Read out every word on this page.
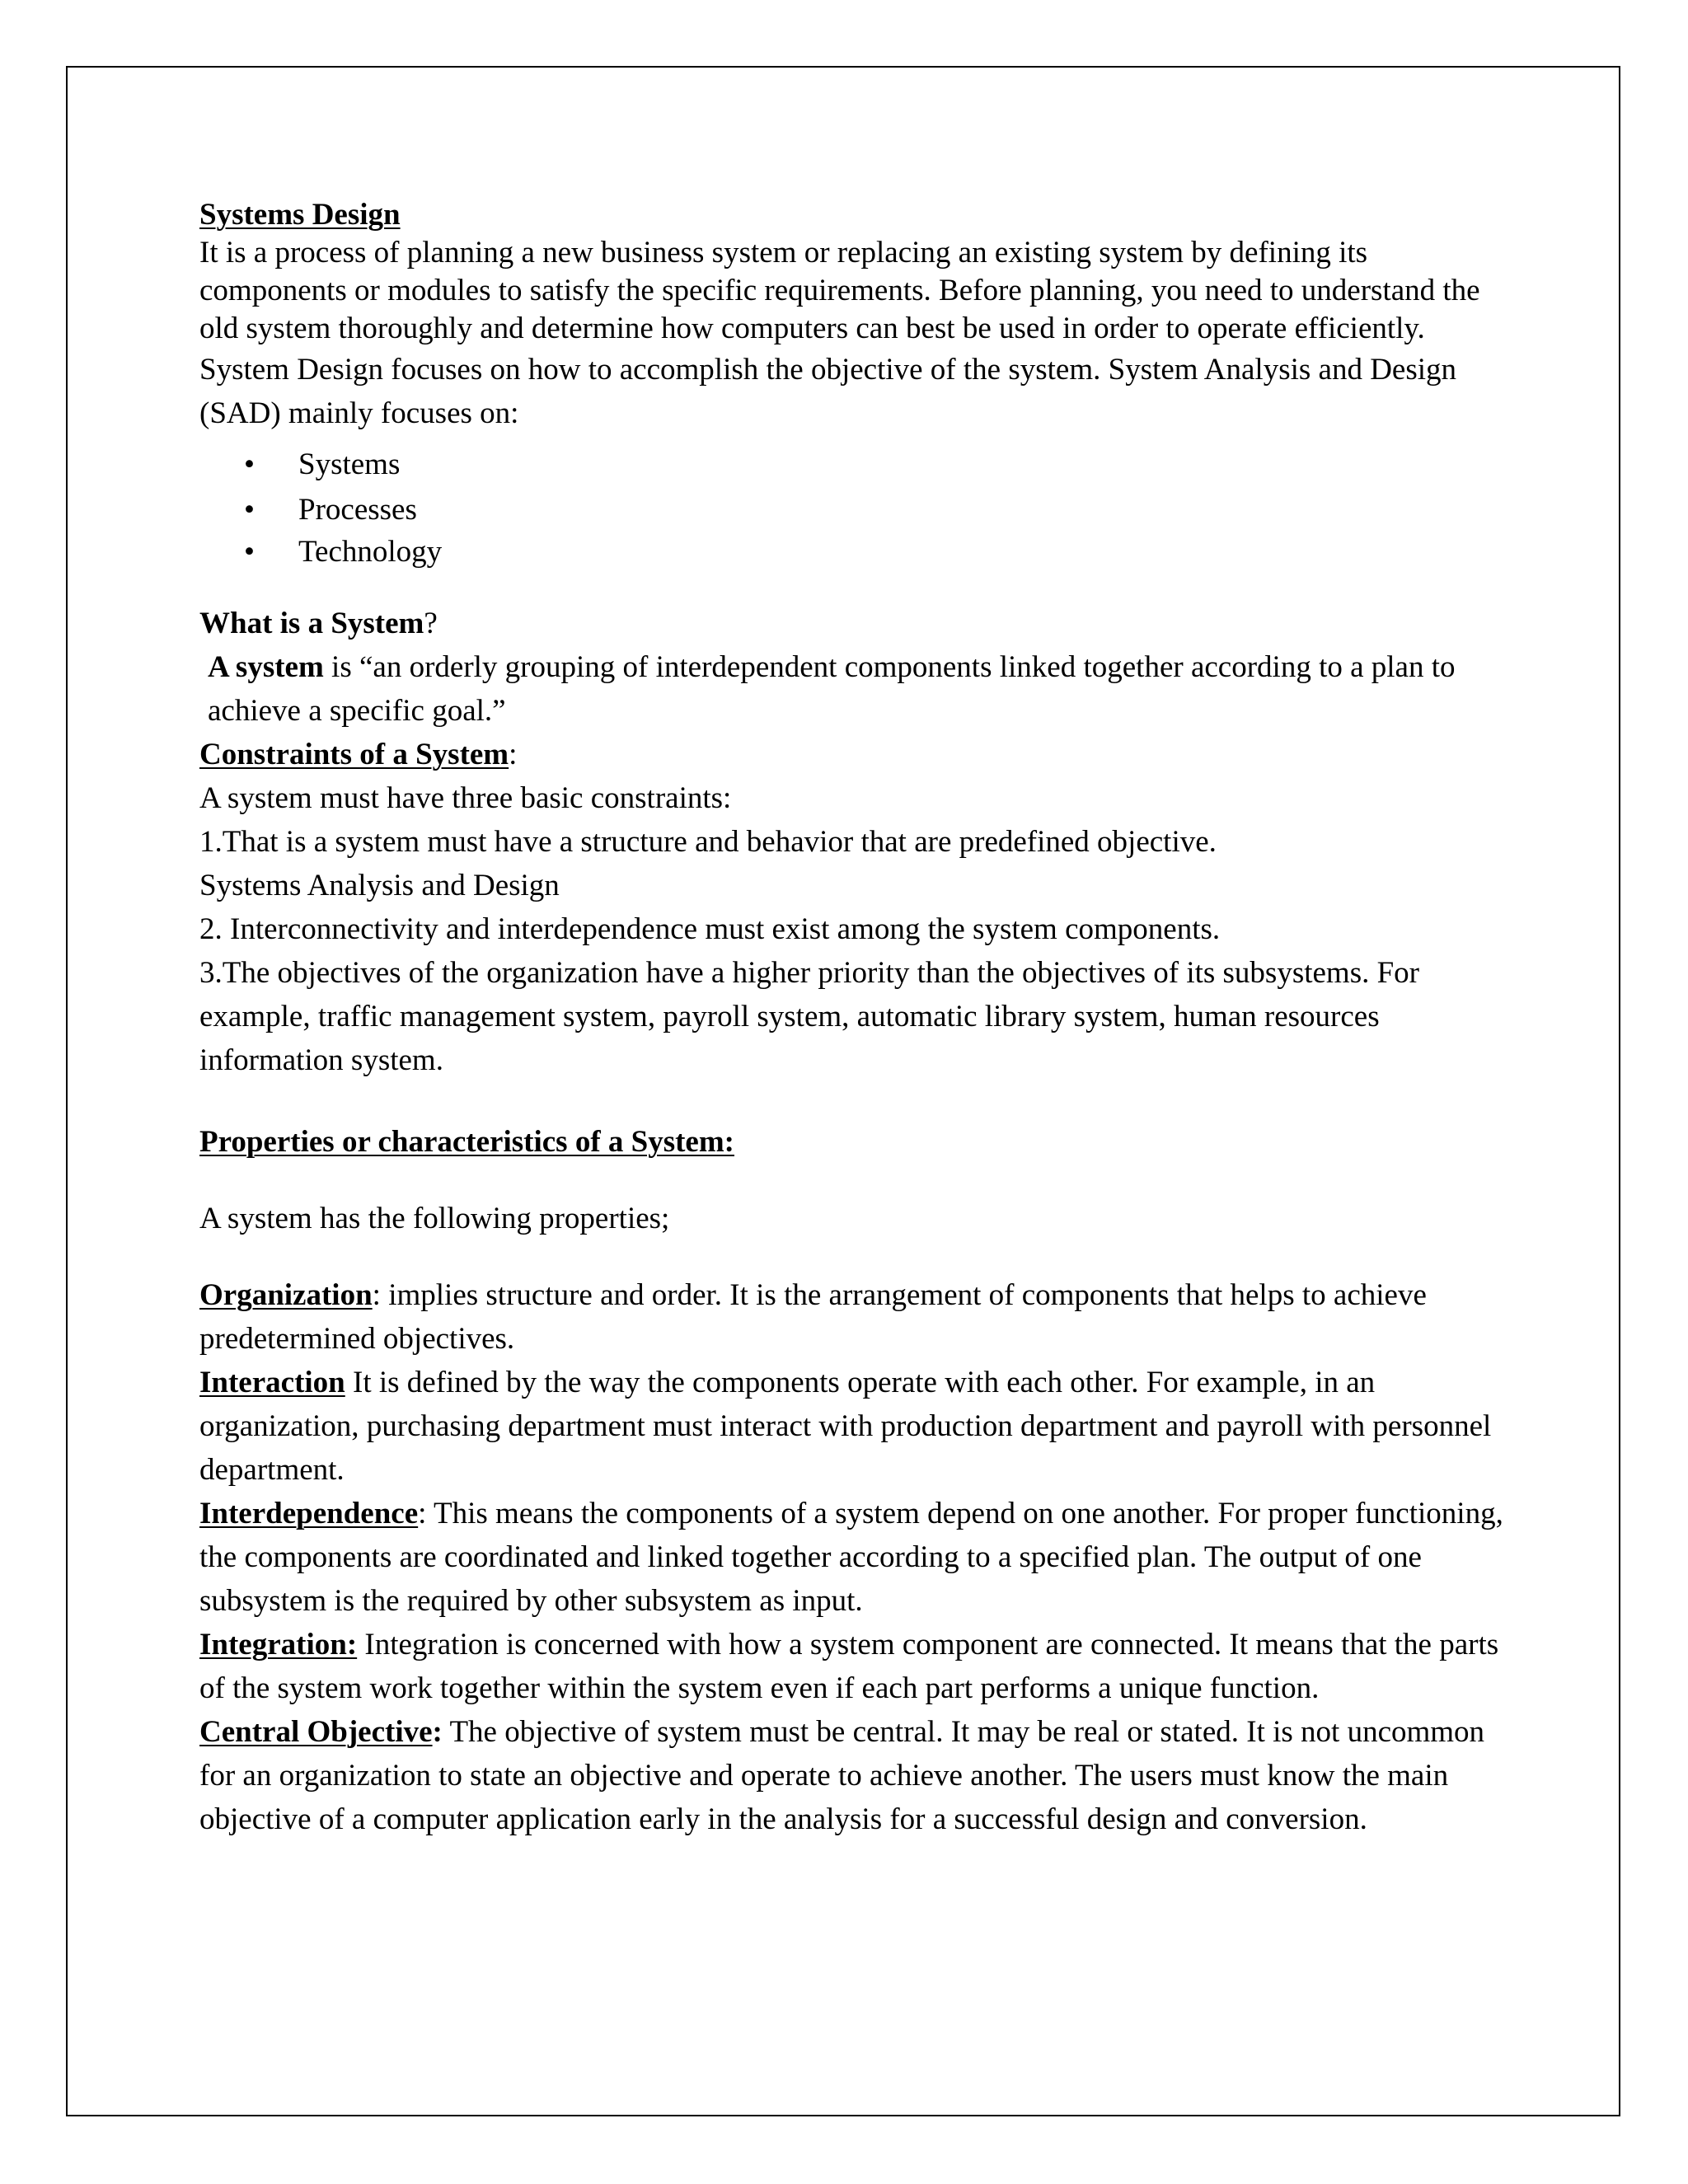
Systems Design

It is a process of planning a new business system or replacing an existing system by defining its components or modules to satisfy the specific requirements. Before planning, you need to understand the old system thoroughly and determine how computers can best be used in order to operate efficiently.

System Design focuses on how to accomplish the objective of the system. System Analysis and Design (SAD) mainly focuses on:

• Systems
• Processes
• Technology

What is a System?

A system is “an orderly grouping of interdependent components linked together according to a plan to achieve a specific goal.”

Constraints of a System:

A system must have three basic constraints:

1.That is a system must have a structure and behavior that are predefined objective.

Systems Analysis and Design

2. Interconnectivity and interdependence must exist among the system components.

3.The objectives of the organization have a higher priority than the objectives of its subsystems. For example, traffic management system, payroll system, automatic library system, human resources information system.

Properties or characteristics of a System:

A system has the following properties;

Organization: implies structure and order. It is the arrangement of components that helps to achieve predetermined objectives.

Interaction It is defined by the way the components operate with each other. For example, in an organization, purchasing department must interact with production department and payroll with personnel department.

Interdependence: This means the components of a system depend on one another. For proper functioning, the components are coordinated and linked together according to a specified plan. The output of one subsystem is the required by other subsystem as input.

Integration: Integration is concerned with how a system component are connected. It means that the parts of the system work together within the system even if each part performs a unique function.

Central Objective: The objective of system must be central. It may be real or stated. It is not uncommon for an organization to state an objective and operate to achieve another. The users must know the main objective of a computer application early in the analysis for a successful design and conversion.
